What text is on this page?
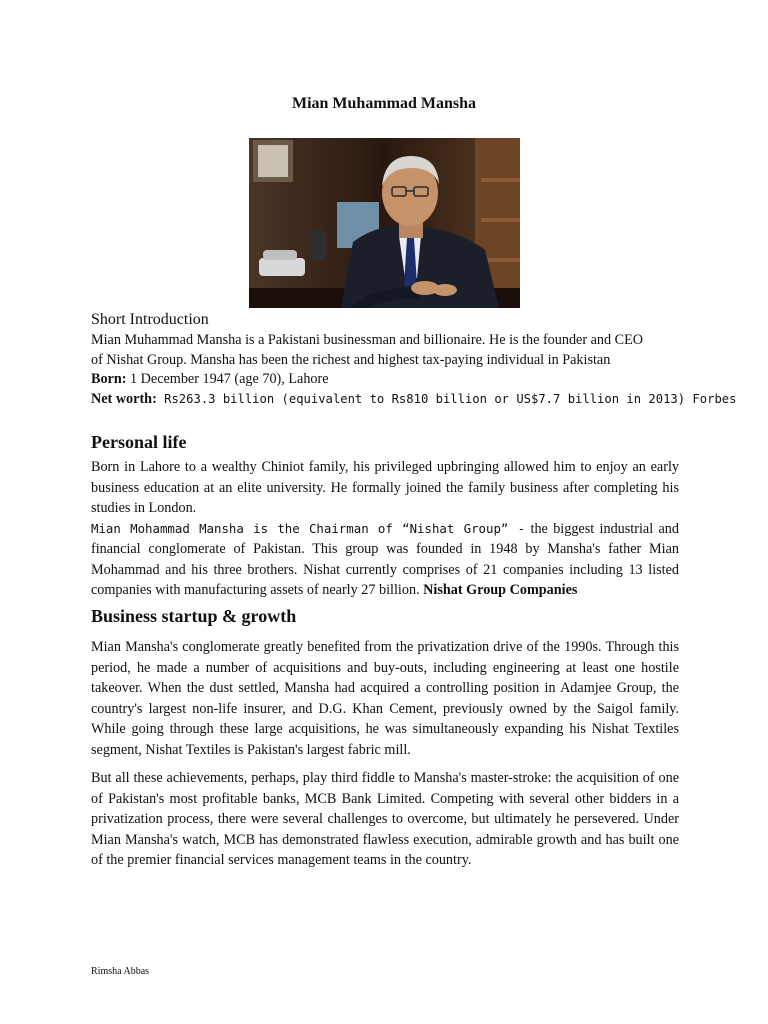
Mian Muhammad Mansha
Short Introduction
Mian Muhammad Mansha is a Pakistani businessman and billionaire. He is the founder and CEO
of Nishat Group. Mansha has been the richest and highest tax-paying individual in Pakistan
Born: 1 December 1947 (age 70), Lahore
Net worth: Rs263.3 billion (equivalent to Rs810 billion or US$7.7 billion in 2013) Forbes
Personal life

Born in Lahore to a wealthy Chiniot family, his privileged upbringing allowed him to enjoy an early business education at an elite university. He formally joined the family business after completing his studies in London.

Mian Mohammad Mansha is the Chairman of “Nishat Group” - the biggest industrial and financial conglomerate of Pakistan. This group was founded in 1948 by Mansha's father Mian Mohammad and his three brothers. Nishat currently comprises of 21 companies including 13 listed companies with manufacturing assets of nearly 27 billion. Nishat Group Companies

Business startup & growth

Mian Mansha's conglomerate greatly benefited from the privatization drive of the 1990s. Through this period, he made a number of acquisitions and buy-outs, including engineering at least one hostile takeover. When the dust settled, Mansha had acquired a controlling position in Adamjee Group, the country's largest non-life insurer, and D.G. Khan Cement, previously owned by the Saigol family. While going through these large acquisitions, he was simultaneously expanding his Nishat Textiles segment, Nishat Textiles is Pakistan's largest fabric mill.

But all these achievements, perhaps, play third fiddle to Mansha's master-stroke: the acquisition of one of Pakistan's most profitable banks, MCB Bank Limited. Competing with several other bidders in a privatization process, there were several challenges to overcome, but ultimately he persevered. Under Mian Mansha's watch, MCB has demonstrated flawless execution, admirable growth and has built one of the premier financial services management teams in the country.

Rimsha Abbas
